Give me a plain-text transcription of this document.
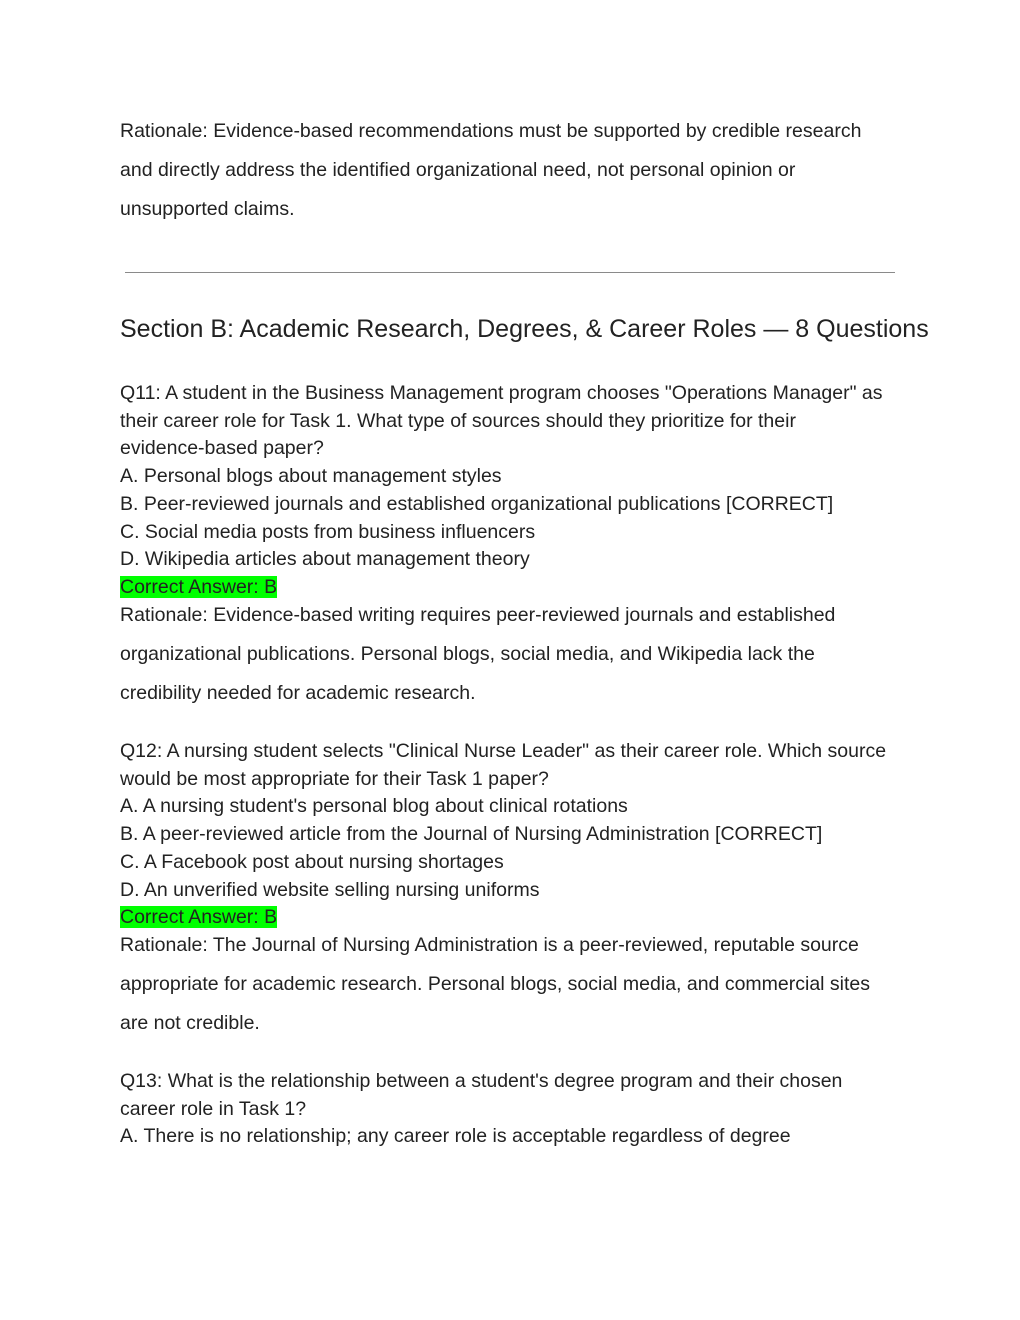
Rationale: Evidence-based recommendations must be supported by credible research
and directly address the identified organizational need, not personal opinion or
unsupported claims.
Section B: Academic Research, Degrees, & Career Roles — 8 Questions

Q11: A student in the Business Management program chooses "Operations Manager" as

their career role for Task 1. What type of sources should they prioritize for their

evidence-based paper?

A. Personal blogs about management styles

B. Peer-reviewed journals and established organizational publications [CORRECT]

C. Social media posts from business influencers

D. Wikipedia articles about management theory

Correct Answer: B

Rationale: Evidence-based writing requires peer-reviewed journals and established
organizational publications. Personal blogs, social media, and Wikipedia lack the
credibility needed for academic research.

Q12: A nursing student selects "Clinical Nurse Leader" as their career role. Which source

would be most appropriate for their Task 1 paper?

A. A nursing student's personal blog about clinical rotations

B. A peer-reviewed article from the Journal of Nursing Administration [CORRECT]

C. A Facebook post about nursing shortages

D. An unverified website selling nursing uniforms

Correct Answer: B

Rationale: The Journal of Nursing Administration is a peer-reviewed, reputable source
appropriate for academic research. Personal blogs, social media, and commercial sites
are not credible.

Q13: What is the relationship between a student's degree program and their chosen

career role in Task 1?

A. There is no relationship; any career role is acceptable regardless of degree
